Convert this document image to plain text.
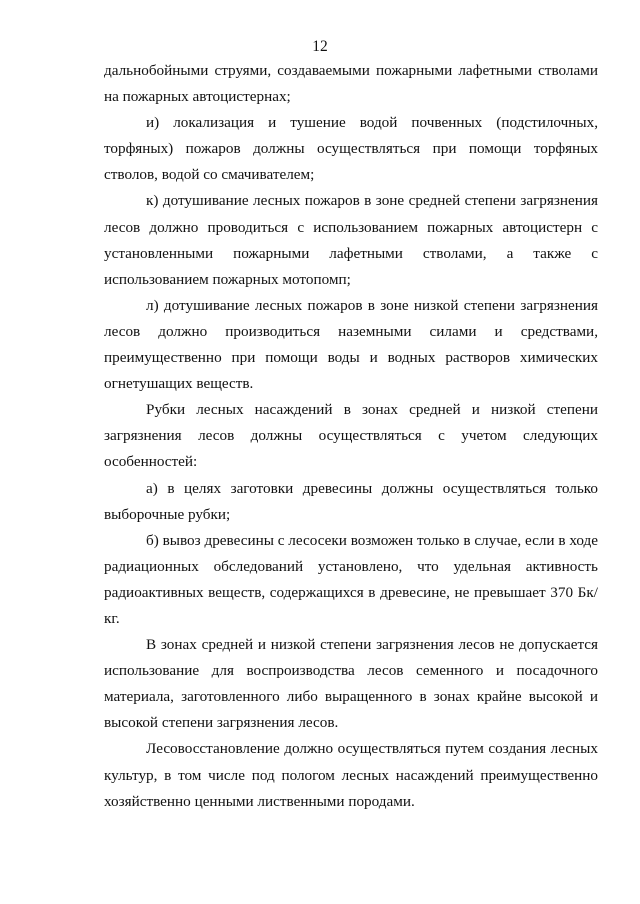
12

дальнобойными струями, создаваемыми пожарными лафетными стволами на пожарных автоцистернах;

и) локализация и тушение водой почвенных (подстилочных, торфяных) пожаров должны осуществляться при помощи торфяных стволов, водой со смачивателем;

к) дотушивание лесных пожаров в зоне средней степени загрязнения лесов должно проводиться с использованием пожарных автоцистерн с установленными пожарными лафетными стволами, а также с использованием пожарных мотопомп;

л) дотушивание лесных пожаров в зоне низкой степени загрязнения лесов должно производиться наземными силами и средствами, преимущественно при помощи воды и водных растворов химических огнетушащих веществ.

Рубки лесных насаждений в зонах средней и низкой степени загрязнения лесов должны осуществляться с учетом следующих особенностей:

а) в целях заготовки древесины должны осуществляться только выборочные рубки;

б) вывоз древесины с лесосеки возможен только в случае, если в ходе радиационных обследований установлено, что удельная активность радиоактивных веществ, содержащихся в древесине, не превышает 370 Бк/кг.

В зонах средней и низкой степени загрязнения лесов не допускается использование для воспроизводства лесов семенного и посадочного материала, заготовленного либо выращенного в зонах крайне высокой и высокой степени загрязнения лесов.

Лесовосстановление должно осуществляться путем создания лесных культур, в том числе под пологом лесных насаждений преимущественно хозяйственно ценными лиственными породами.
